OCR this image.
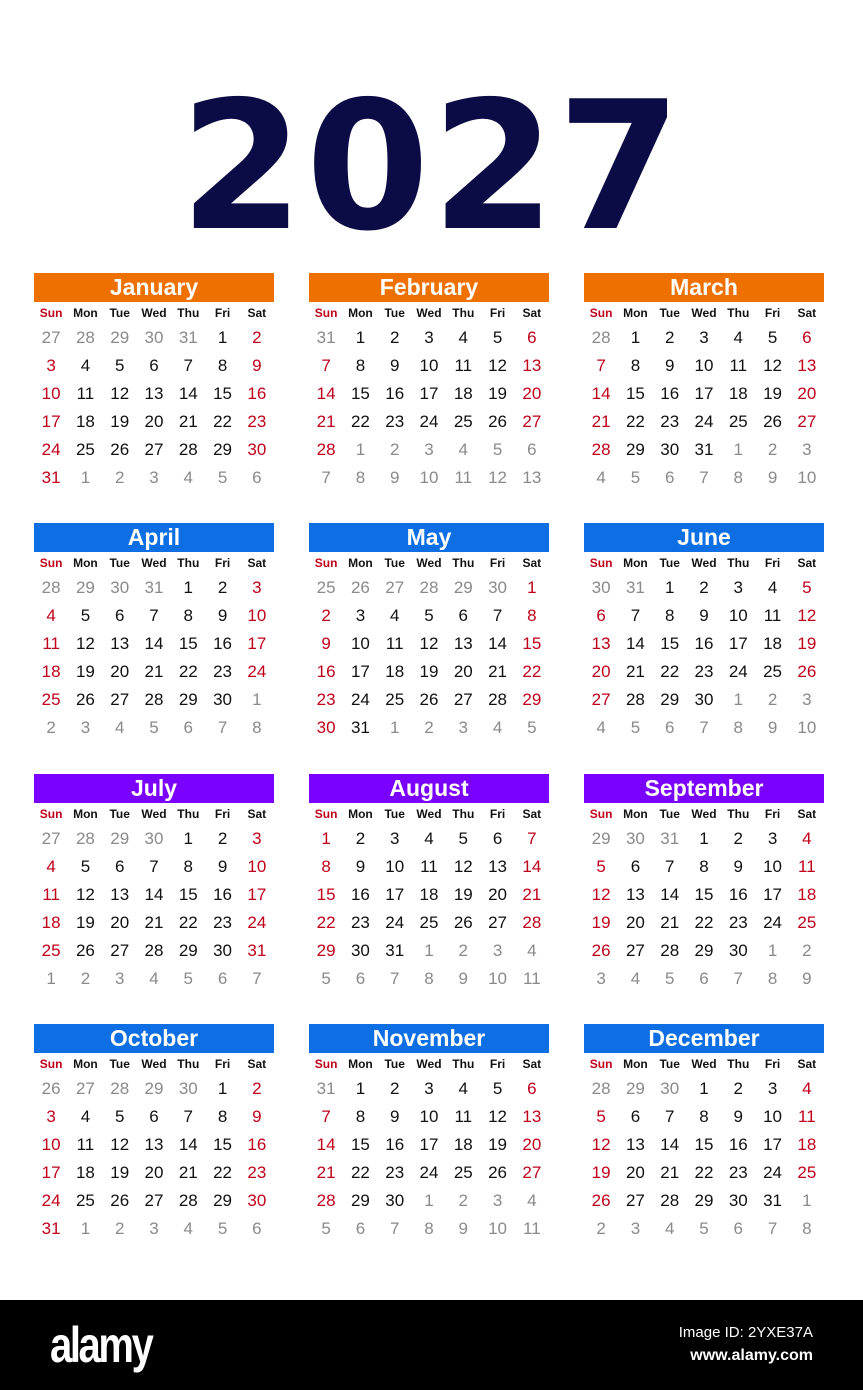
2027
January
Sun Mon Tue Wed Thu	Fri	Sat
27 28 29 30 31	1	2
3	4	5	6	7	8	9
10 11 12 13 14 15 16
17 18 19 20 21 22 23
24 25 26 27 28 29 30
31	1	2	3	4	5	6
February
Sun Mon Tue Wed Thu	Fri	Sat
31	1	2	3	4	5	6
7	8	9	10 11 12 13
14 15 16 17 18 19 20
21 22 23 24 25 26 27
28	1	2	3	4	5	6
7	8	9	10 11 12 13
March
Sun Mon Tue Wed Thu	Fri	Sat
28	1	2	3	4	5	6
7	8	9	10 11 12 13
14 15 16 17 18 19 20
21 22 23 24 25 26 27
28 29 30 31	1	2	3
4	5	6	7	8	9	10
April
Sun Mon Tue Wed Thu	Fri	Sat
28 29 30 31	1	2	3
4	5	6	7	8	9	10
11 12 13 14 15 16 17
18 19 20 21 22 23 24
25 26 27 28 29 30	1
2	3	4	5	6	7	8
May
Sun Mon Tue Wed Thu	Fri	Sat
25 26 27 28 29 30	1
2	3	4	5	6	7	8
9	10 11 12 13 14 15
16 17 18 19 20 21 22
23 24 25 26 27 28 29
30 31	1	2	3	4	5
June
Sun Mon Tue Wed Thu	Fri	Sat
30 31	1	2	3	4	5
6	7	8	9	10 11 12
13 14 15 16 17 18 19
20 21 22 23 24 25 26
27 28 29 30	1	2	3
4	5	6	7	8	9	10
July
Sun Mon Tue Wed Thu	Fri	Sat
27 28 29 30	1	2	3
4	5	6	7	8	9	10
11 12 13 14 15 16 17
18 19 20 21 22 23 24
25 26 27 28 29 30 31
1	2	3	4	5	6	7
August
Sun Mon Tue Wed Thu	Fri	Sat
1	2	3	4	5	6	7
8	9	10 11 12 13 14
15 16 17 18 19 20 21
22 23 24 25 26 27 28
29 30 31	1	2	3	4
5	6	7	8	9	10 11
September
Sun Mon Tue Wed Thu	Fri	Sat
29 30 31	1	2	3	4
5	6	7	8	9	10 11
12 13 14 15 16 17 18
19 20 21 22 23 24 25
26 27 28 29 30	1	2
3	4	5	6	7	8	9
October
Sun Mon Tue Wed Thu	Fri	Sat
26 27 28 29 30	1	2
3	4	5	6	7	8	9
10 11 12 13 14 15 16
17 18 19 20 21 22 23
24 25 26 27 28 29 30
31	1	2	3	4	5	6
November
Sun Mon Tue Wed Thu	Fri	Sat
31	1	2	3	4	5	6
7	8	9	10 11 12 13
14 15 16 17 18 19 20
21 22 23 24 25 26 27
28 29 30	1	2	3	4
5	6	7	8	9	10 11
December
Sun Mon Tue Wed Thu	Fri	Sat
28 29 30	1	2	3	4
5	6	7	8	9	10 11
12 13 14 15 16 17 18
19 20 21 22 23 24 25
26 27 28 29 30 31	1
2	3	4	5	6	7	8
alamy	Image ID: 2YXE37A
www.alamy.com
